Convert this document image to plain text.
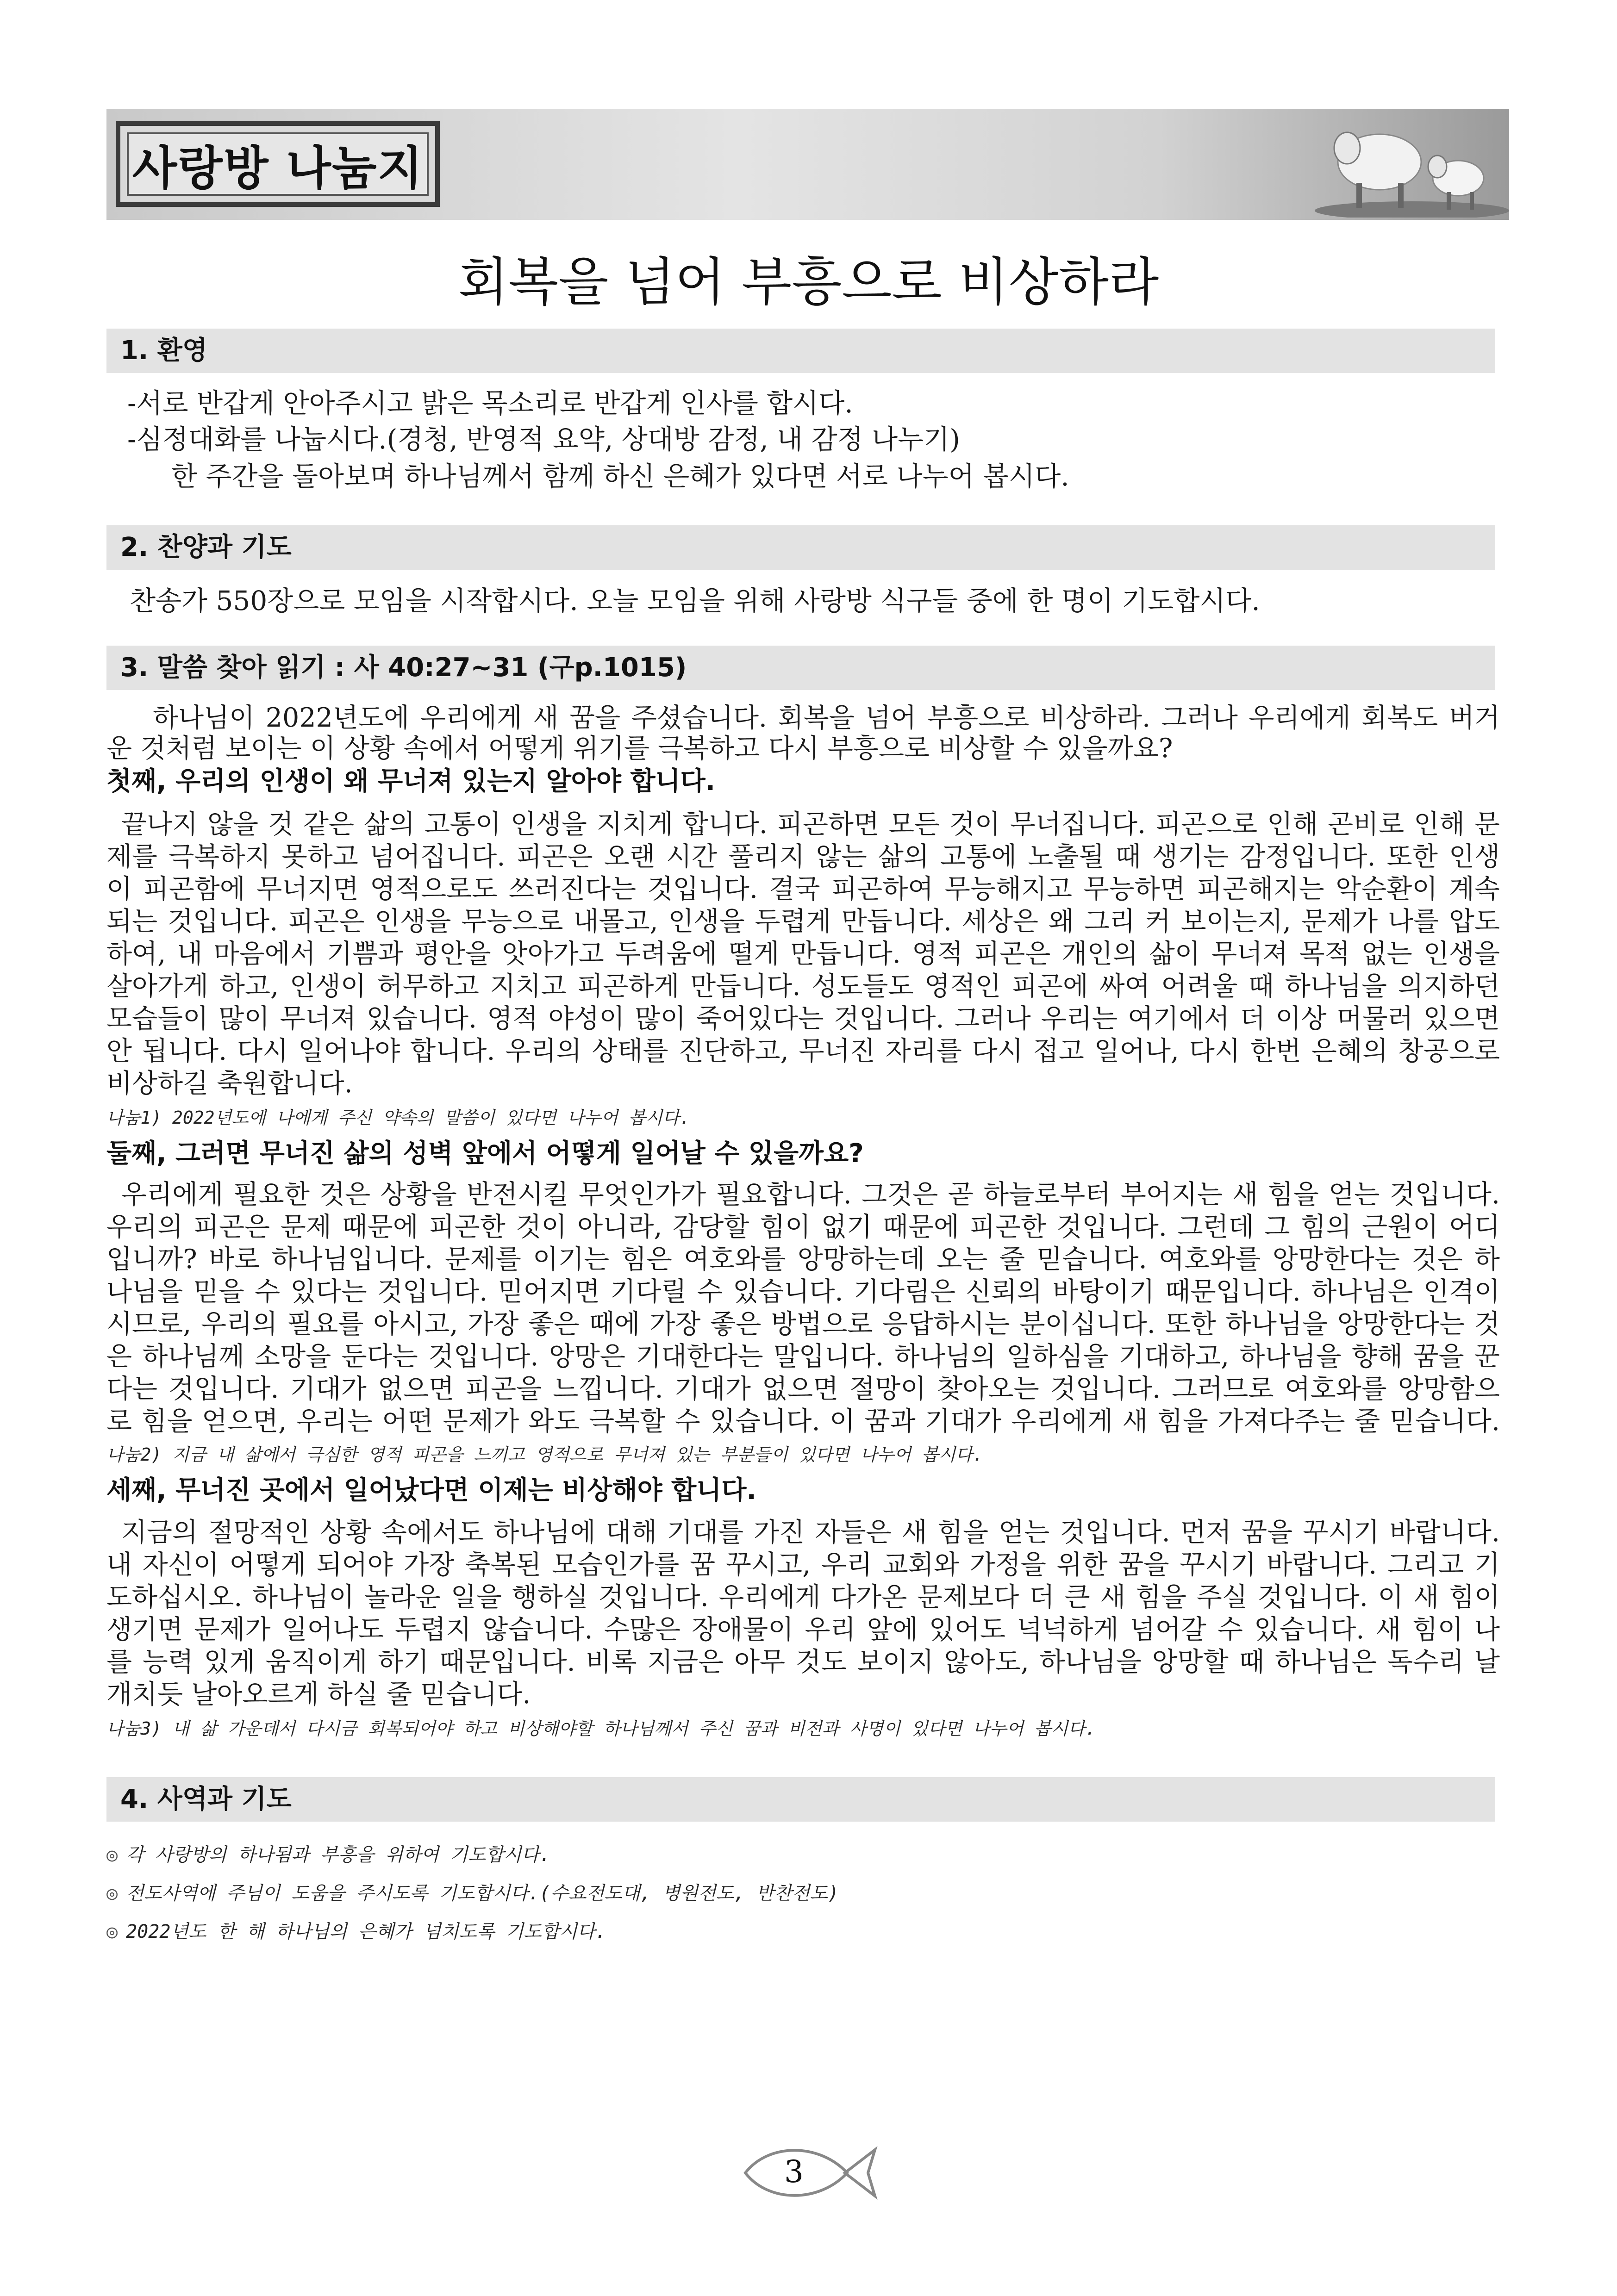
사랑방 나눔지
회복을 넘어 부흥으로 비상하라
1. 환영
-서로 반갑게 안아주시고 밝은 목소리로 반갑게 인사를 합시다.
-심정대화를 나눕시다.(경청, 반영적 요약, 상대방 감정, 내 감정 나누기)
한 주간을 돌아보며 하나님께서 함께 하신 은혜가 있다면 서로 나누어 봅시다.
2. 찬양과 기도
찬송가 550장으로 모임을 시작합시다. 오늘 모임을 위해 사랑방 식구들 중에 한 명이 기도합시다.
3. 말씀 찾아 읽기 : 사 40:27~31 (구p.1015)
하나님이 2022년도에 우리에게 새 꿈을 주셨습니다. 회복을 넘어 부흥으로 비상하라. 그러나 우리에게 회복도 버거
운 것처럼 보이는 이 상황 속에서 어떻게 위기를 극복하고 다시 부흥으로 비상할 수 있을까요?
첫째, 우리의 인생이 왜 무너져 있는지 알아야 합니다.
끝나지 않을 것 같은 삶의 고통이 인생을 지치게 합니다. 피곤하면 모든 것이 무너집니다. 피곤으로 인해 곤비로 인해 문
제를 극복하지 못하고 넘어집니다. 피곤은 오랜 시간 풀리지 않는 삶의 고통에 노출될 때 생기는 감정입니다. 또한 인생
이 피곤함에 무너지면 영적으로도 쓰러진다는 것입니다. 결국 피곤하여 무능해지고 무능하면 피곤해지는 악순환이 계속
되는 것입니다. 피곤은 인생을 무능으로 내몰고, 인생을 두렵게 만듭니다. 세상은 왜 그리 커 보이는지, 문제가 나를 압도
하여, 내 마음에서 기쁨과 평안을 앗아가고 두려움에 떨게 만듭니다. 영적 피곤은 개인의 삶이 무너져 목적 없는 인생을
살아가게 하고, 인생이 허무하고 지치고 피곤하게 만듭니다. 성도들도 영적인 피곤에 싸여 어려울 때 하나님을 의지하던
모습들이 많이 무너져 있습니다. 영적 야성이 많이 죽어있다는 것입니다. 그러나 우리는 여기에서 더 이상 머물러 있으면
안 됩니다. 다시 일어나야 합니다. 우리의 상태를 진단하고, 무너진 자리를 다시 접고 일어나, 다시 한번 은혜의 창공으로
비상하길 축원합니다.
나눔1) 2022년도에 나에게 주신 약속의 말씀이 있다면 나누어 봅시다.
둘째, 그러면 무너진 삶의 성벽 앞에서 어떻게 일어날 수 있을까요?
우리에게 필요한 것은 상황을 반전시킬 무엇인가가 필요합니다. 그것은 곧 하늘로부터 부어지는 새 힘을 얻는 것입니다.
우리의 피곤은 문제 때문에 피곤한 것이 아니라, 감당할 힘이 없기 때문에 피곤한 것입니다. 그런데 그 힘의 근원이 어디
입니까? 바로 하나님입니다. 문제를 이기는 힘은 여호와를 앙망하는데 오는 줄 믿습니다. 여호와를 앙망한다는 것은 하
나님을 믿을 수 있다는 것입니다. 믿어지면 기다릴 수 있습니다. 기다림은 신뢰의 바탕이기 때문입니다. 하나님은 인격이
시므로, 우리의 필요를 아시고, 가장 좋은 때에 가장 좋은 방법으로 응답하시는 분이십니다. 또한 하나님을 앙망한다는 것
은 하나님께 소망을 둔다는 것입니다. 앙망은 기대한다는 말입니다. 하나님의 일하심을 기대하고, 하나님을 향해 꿈을 꾼
다는 것입니다. 기대가 없으면 피곤을 느낍니다. 기대가 없으면 절망이 찾아오는 것입니다. 그러므로 여호와를 앙망함으
로 힘을 얻으면, 우리는 어떤 문제가 와도 극복할 수 있습니다. 이 꿈과 기대가 우리에게 새 힘을 가져다주는 줄 믿습니다.
나눔2) 지금 내 삶에서 극심한 영적 피곤을 느끼고 영적으로 무너져 있는 부분들이 있다면 나누어 봅시다.
세째, 무너진 곳에서 일어났다면 이제는 비상해야 합니다.
지금의 절망적인 상황 속에서도 하나님에 대해 기대를 가진 자들은 새 힘을 얻는 것입니다. 먼저 꿈을 꾸시기 바랍니다.
내 자신이 어떻게 되어야 가장 축복된 모습인가를 꿈 꾸시고, 우리 교회와 가정을 위한 꿈을 꾸시기 바랍니다. 그리고 기
도하십시오. 하나님이 놀라운 일을 행하실 것입니다. 우리에게 다가온 문제보다 더 큰 새 힘을 주실 것입니다. 이 새 힘이
생기면 문제가 일어나도 두렵지 않습니다. 수많은 장애물이 우리 앞에 있어도 넉넉하게 넘어갈 수 있습니다. 새 힘이 나
를 능력 있게 움직이게 하기 때문입니다. 비록 지금은 아무 것도 보이지 않아도, 하나님을 앙망할 때 하나님은 독수리 날
개치듯 날아오르게 하실 줄 믿습니다.
나눔3) 내 삶 가운데서 다시금 회복되어야 하고 비상해야할 하나님께서 주신 꿈과 비전과 사명이 있다면 나누어 봅시다.
4. 사역과 기도
◎ 각 사랑방의 하나됨과 부흥을 위하여 기도합시다.
◎ 전도사역에 주님이 도움을 주시도록 기도합시다.(수요전도대, 병원전도, 반찬전도)
◎ 2022년도 한 해 하나님의 은혜가 넘치도록 기도합시다.
3
